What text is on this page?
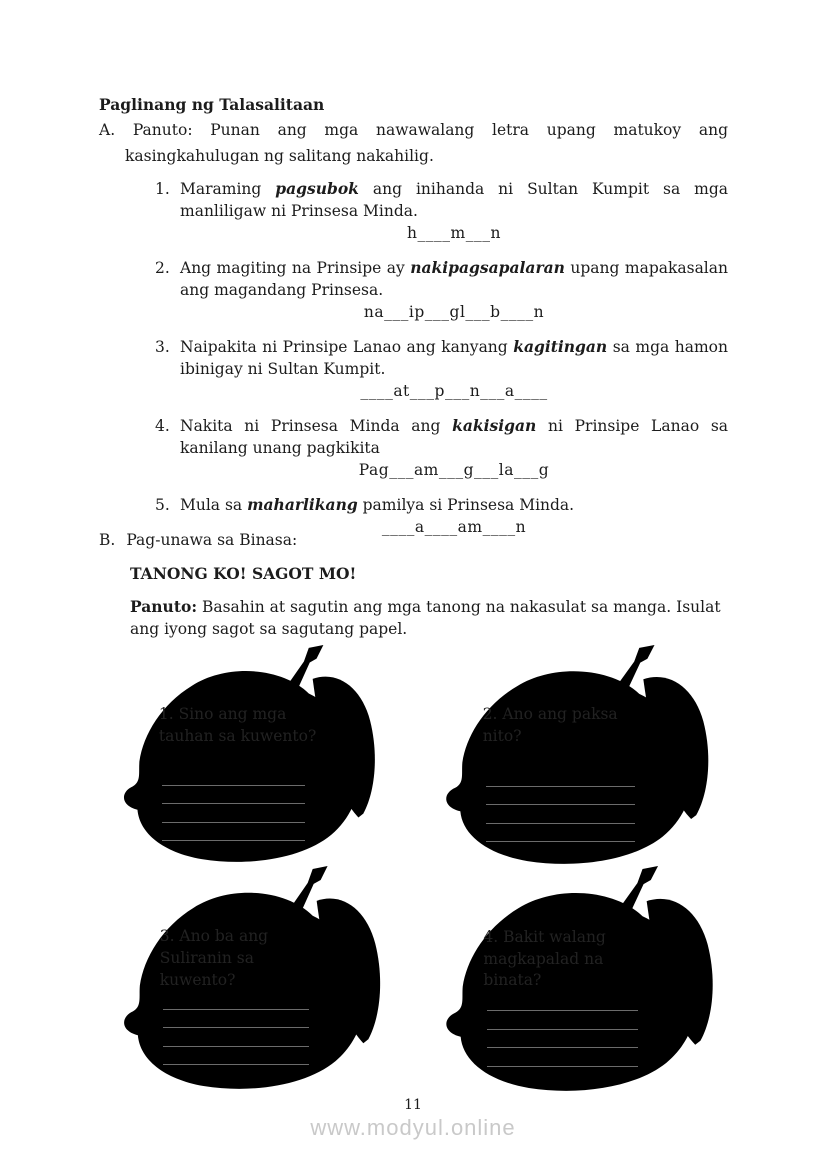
Paglinang ng Talasalitaan
A. Panuto: Punan ang mga nawawalang letra upang matukoy ang
kasingkahulugan ng salitang nakahilig.
1. Maraming pagsubok ang inihanda ni Sultan Kumpit sa mga manliligaw ni Prinsesa Minda.
h____m___n
2. Ang magiting na Prinsipe ay nakipagsapalaran upang mapakasalan ang magandang Prinsesa.
na___ip___gl___b____n
3. Naipakita ni Prinsipe Lanao ang kanyang kagitingan sa mga hamon ibinigay ni Sultan Kumpit.
____at___p___n___a____
4. Nakita ni Prinsesa Minda ang kakisigan ni Prinsipe Lanao sa kanilang unang pagkikita
Pag___am___g___la___g
5. Mula sa maharlikang pamilya si Prinsesa Minda.
____a____am____n
B. Pag-unawa sa Binasa:
TANONG KO! SAGOT MO!
Panuto: Basahin at sagutin ang mga tanong na nakasulat sa manga. Isulat ang iyong sagot sa sagutang papel.
1. Sino ang mga tauhan sa kuwento?
2. Ano ang paksa nito?
3. Ano ba ang Suliranin sa kuwento?
4. Bakit walang magkapalad na binata?
11
www.modyul.online
